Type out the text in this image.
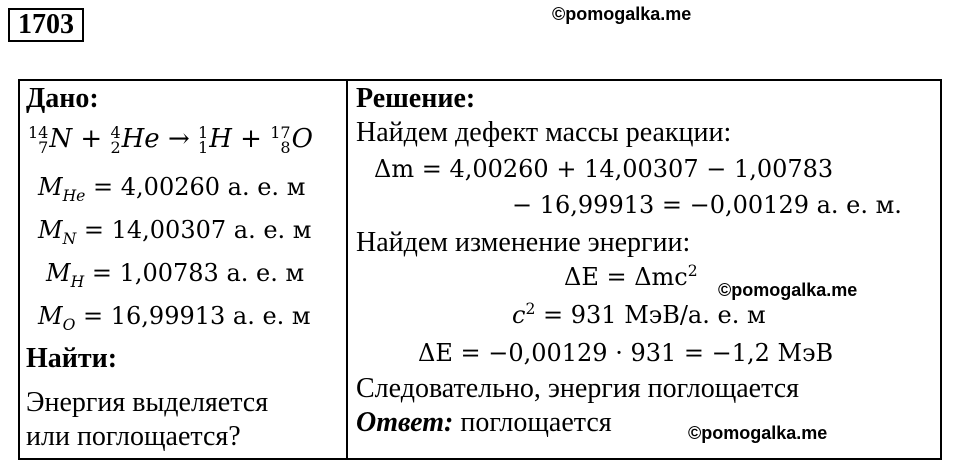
1703	©pomogalka.me
Дано:
14
7 N + 4
2 He → 1
1 H + 17
8 O
$M_{He} = 4,00260$ а. е. м
$M_N = 14,00307$ а. е. м
$M_H = 1,00783$ а. е. м
$M_O = 16,99913$ а. е. м
Найти:
Энергия выделяется
или поглощается?
Решение:
Найдем дефект массы реакции:
Δm = 4,00260 + 14,00307 − 1,00783
− 16,99913 = −0,00129 а. е. м.
Найдем изменение энергии:
ΔE = Δmc$^2$
$c^2 = 931$ МэВ/а. е. м
ΔE = −0,00129 · 931 = −1,2 МэВ
Следовательно, энергия поглощается
Ответ: поглощается
©pomogalka.me
©pomogalka.me
